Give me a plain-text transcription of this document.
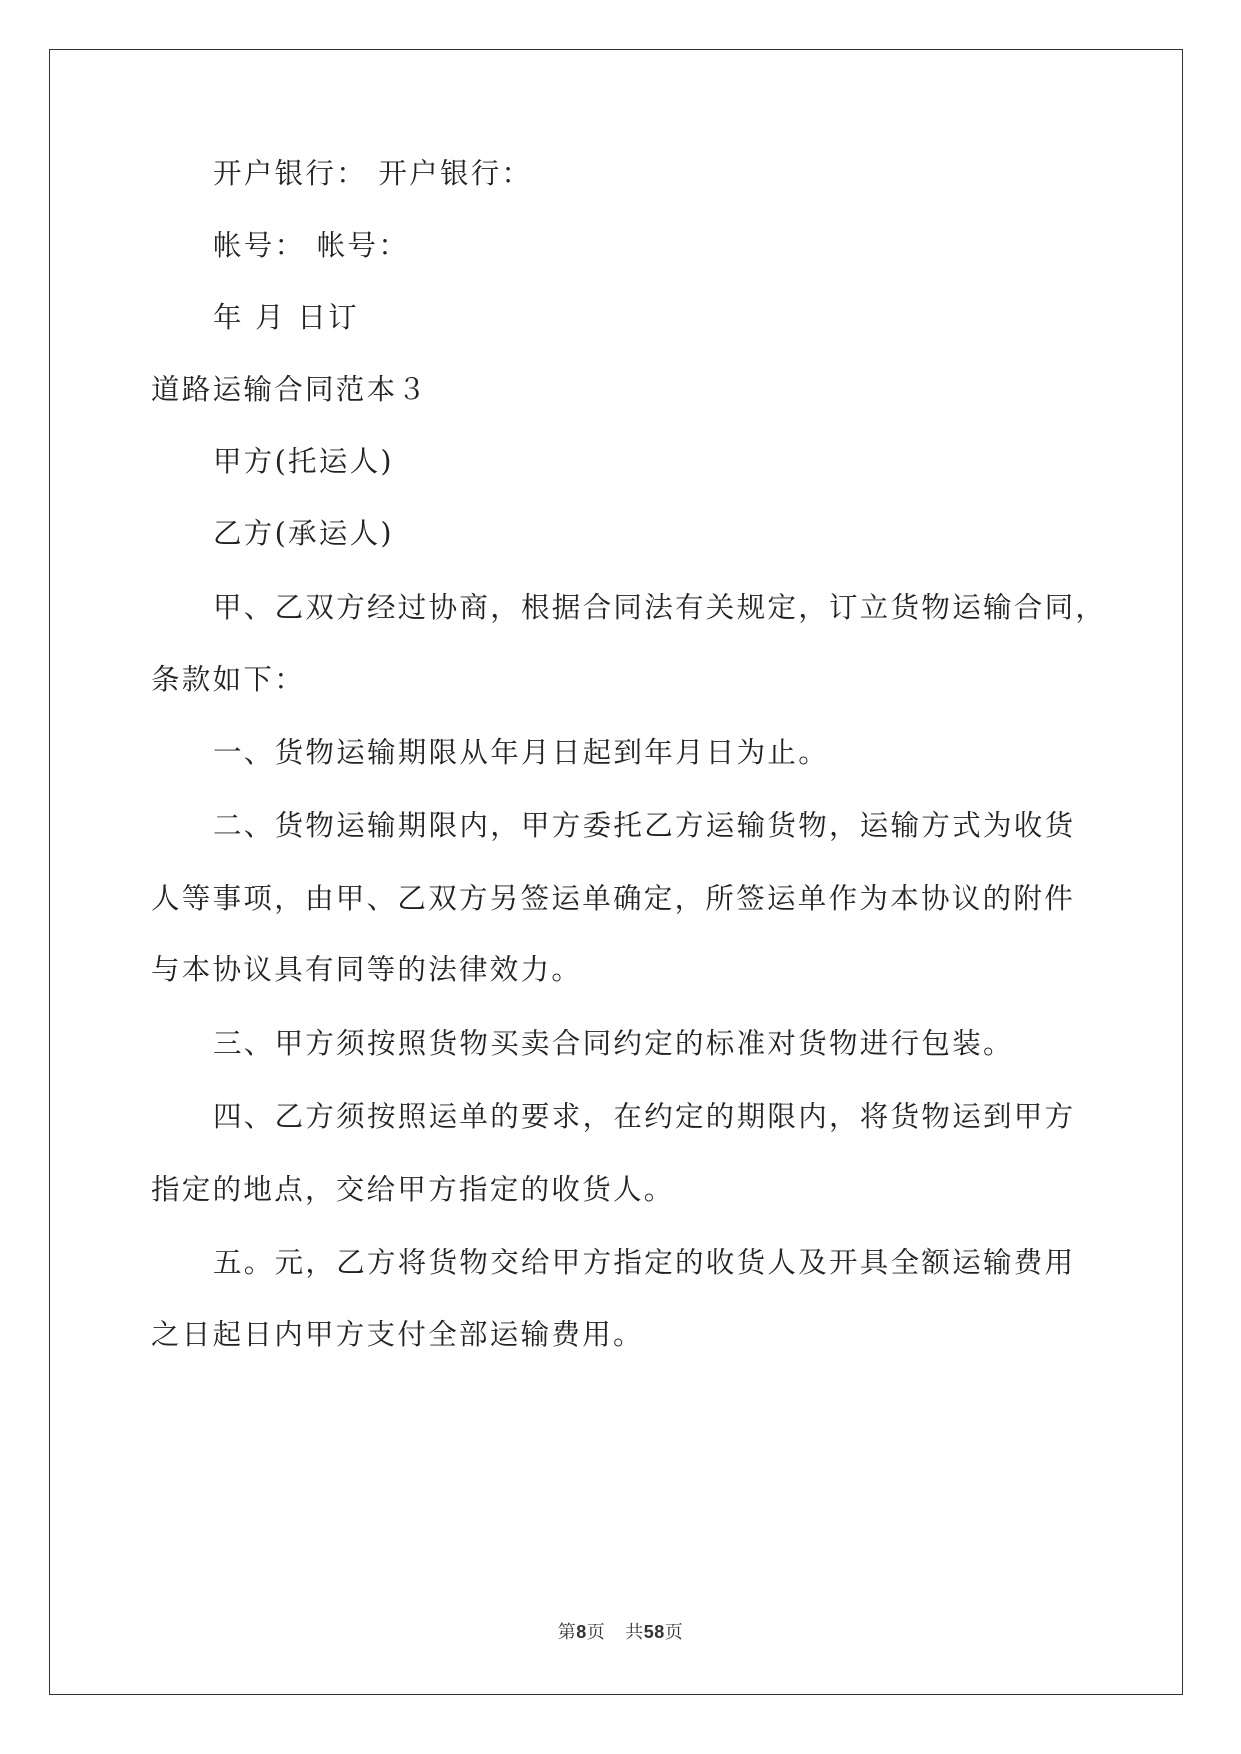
开户银行： 开户银行：
帐号： 帐号：
年 月 日订
道路运输合同范本３
甲方(托运人)
乙方(承运人)
甲、乙双方经过协商，根据合同法有关规定，订立货物运输合同，
条款如下：
一、货物运输期限从年月日起到年月日为止。
二、货物运输期限内，甲方委托乙方运输货物，运输方式为收货
人等事项，由甲、乙双方另签运单确定，所签运单作为本协议的附件
与本协议具有同等的法律效力。
三、甲方须按照货物买卖合同约定的标准对货物进行包装。
四、乙方须按照运单的要求，在约定的期限内，将货物运到甲方
指定的地点，交给甲方指定的收货人。
五。元，乙方将货物交给甲方指定的收货人及开具全额运输费用
之日起日内甲方支付全部运输费用。
第8页 共58页
